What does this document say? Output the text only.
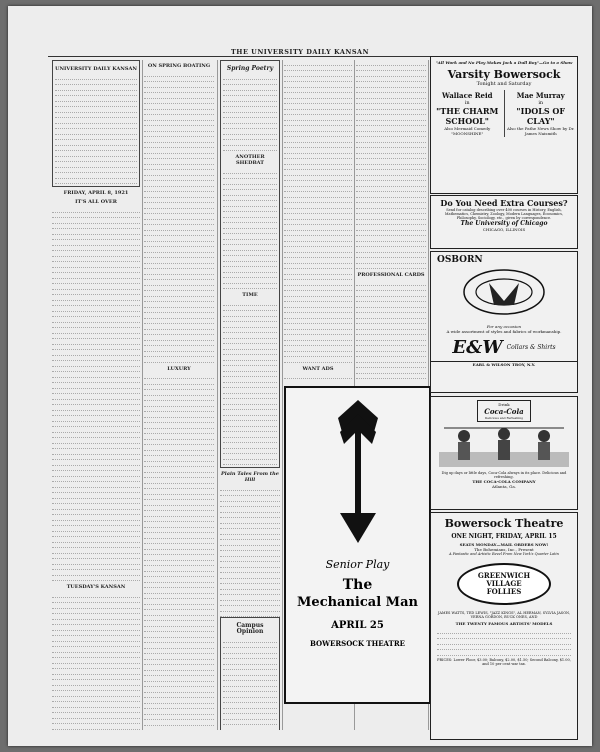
THE UNIVERSITY DAILY KANSAN
UNIVERSITY DAILY KANSAN
FRIDAY, APRIL 8, 1921
IT'S ALL OVER
TUESDAY'S KANSAN
ON SPRING BOATING
LUXURY
Spring Poetry
ANOTHER SHEDBAT
TIME
Plain Tales From the Hill
Campus Opinion
WANT ADS
PROFESSIONAL CARDS
Senior Play
The
Mechanical Man
APRIL 25
BOWERSOCK THEATRE
"All Work and No Play Makes Jack a Dull Boy"—Go to a Show
Varsity Bowersock
Tonight and Saturday
Wallace Reid
in
"THE CHARM SCHOOL"
Also Mermaid Comedy "MOONSHINE"
Mae Murray
in
"IDOLS OF CLAY"
Also the Pathe News Show by Dr. James Naismith
Do You Need Extra Courses?
Send for catalog describing over 400 courses in History, English, Mathematics, Chemistry, Zoology, Modern Languages, Economics, Philosophy, Sociology, etc., given by correspondence.
The University of Chicago
CHICAGO, ILLINOIS
OSBORN
For any occasion
A wide assortment of styles and fabrics of workmanship.
E&W Collars & Shirts
EARL & WILSON TROY, N.Y.
Drink
Coca-Cola
Delicious and Refreshing
Dig up days or little days, Coca-Cola always in its place. Delicious and refreshing.
THE COCA-COLA COMPANY
Atlanta, Ga.
Bowersock Theatre
ONE NIGHT, FRIDAY, APRIL 15
SEATS MONDAY—MAIL ORDERS NOW!
The Bohemians, Inc., Present
A Fantastic and Artistic Revel From New York's Quarter Latin
GREENWICH VILLAGE FOLLIES
JAMES WATTS, TED LEWIS, "JAZZ KINGS", AL HERMAN, SYLVIA JASON, VERNA GORDON, BUCK ONES, AND
THE TWENTY FAMOUS ARTISTS' MODELS
PRICES: Lower Floor, $3.00; Balcony, $2.00, $1.50; Second Balcony, $1.00, and 10 per cent war tax.
